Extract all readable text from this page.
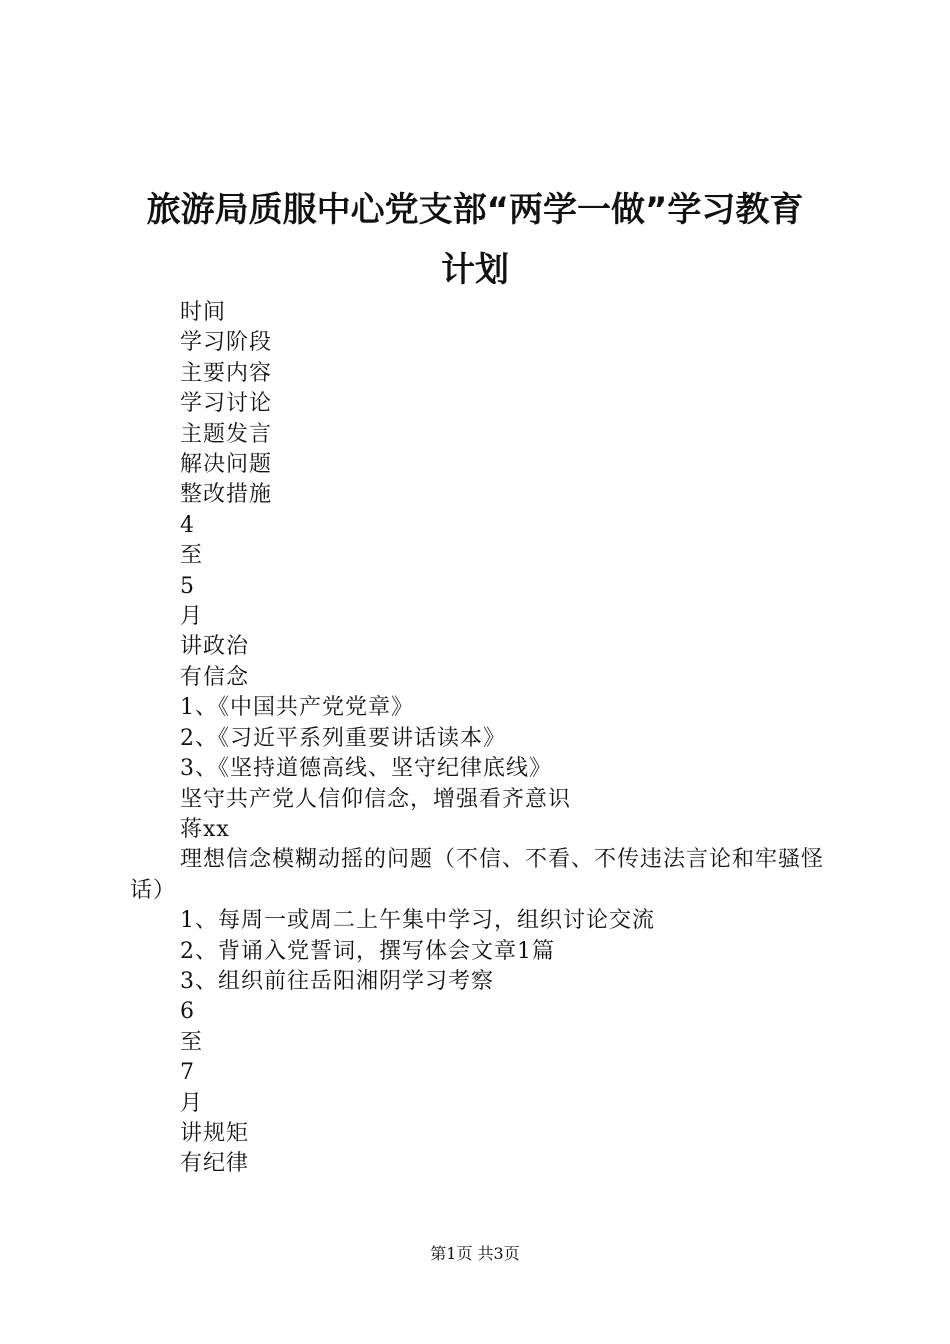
旅游局质服中心党支部“两学一做”学习教育
计划
时间
学习阶段
主要内容
学习讨论
主题发言
解决问题
整改措施
4
至
5
月
讲政治
有信念
1、《中国共产党党章》
2、《习近平系列重要讲话读本》
3、《坚持道德高线、坚守纪律底线》
坚守共产党人信仰信念，增强看齐意识
蒋xx
理想信念模糊动摇的问题（不信、不看、不传违法言论和牢骚怪话）
1、每周一或周二上午集中学习，组织讨论交流
2、背诵入党誓词，撰写体会文章1篇
3、组织前往岳阳湘阴学习考察
6
至
7
月
讲规矩
有纪律
第1页 共3页
